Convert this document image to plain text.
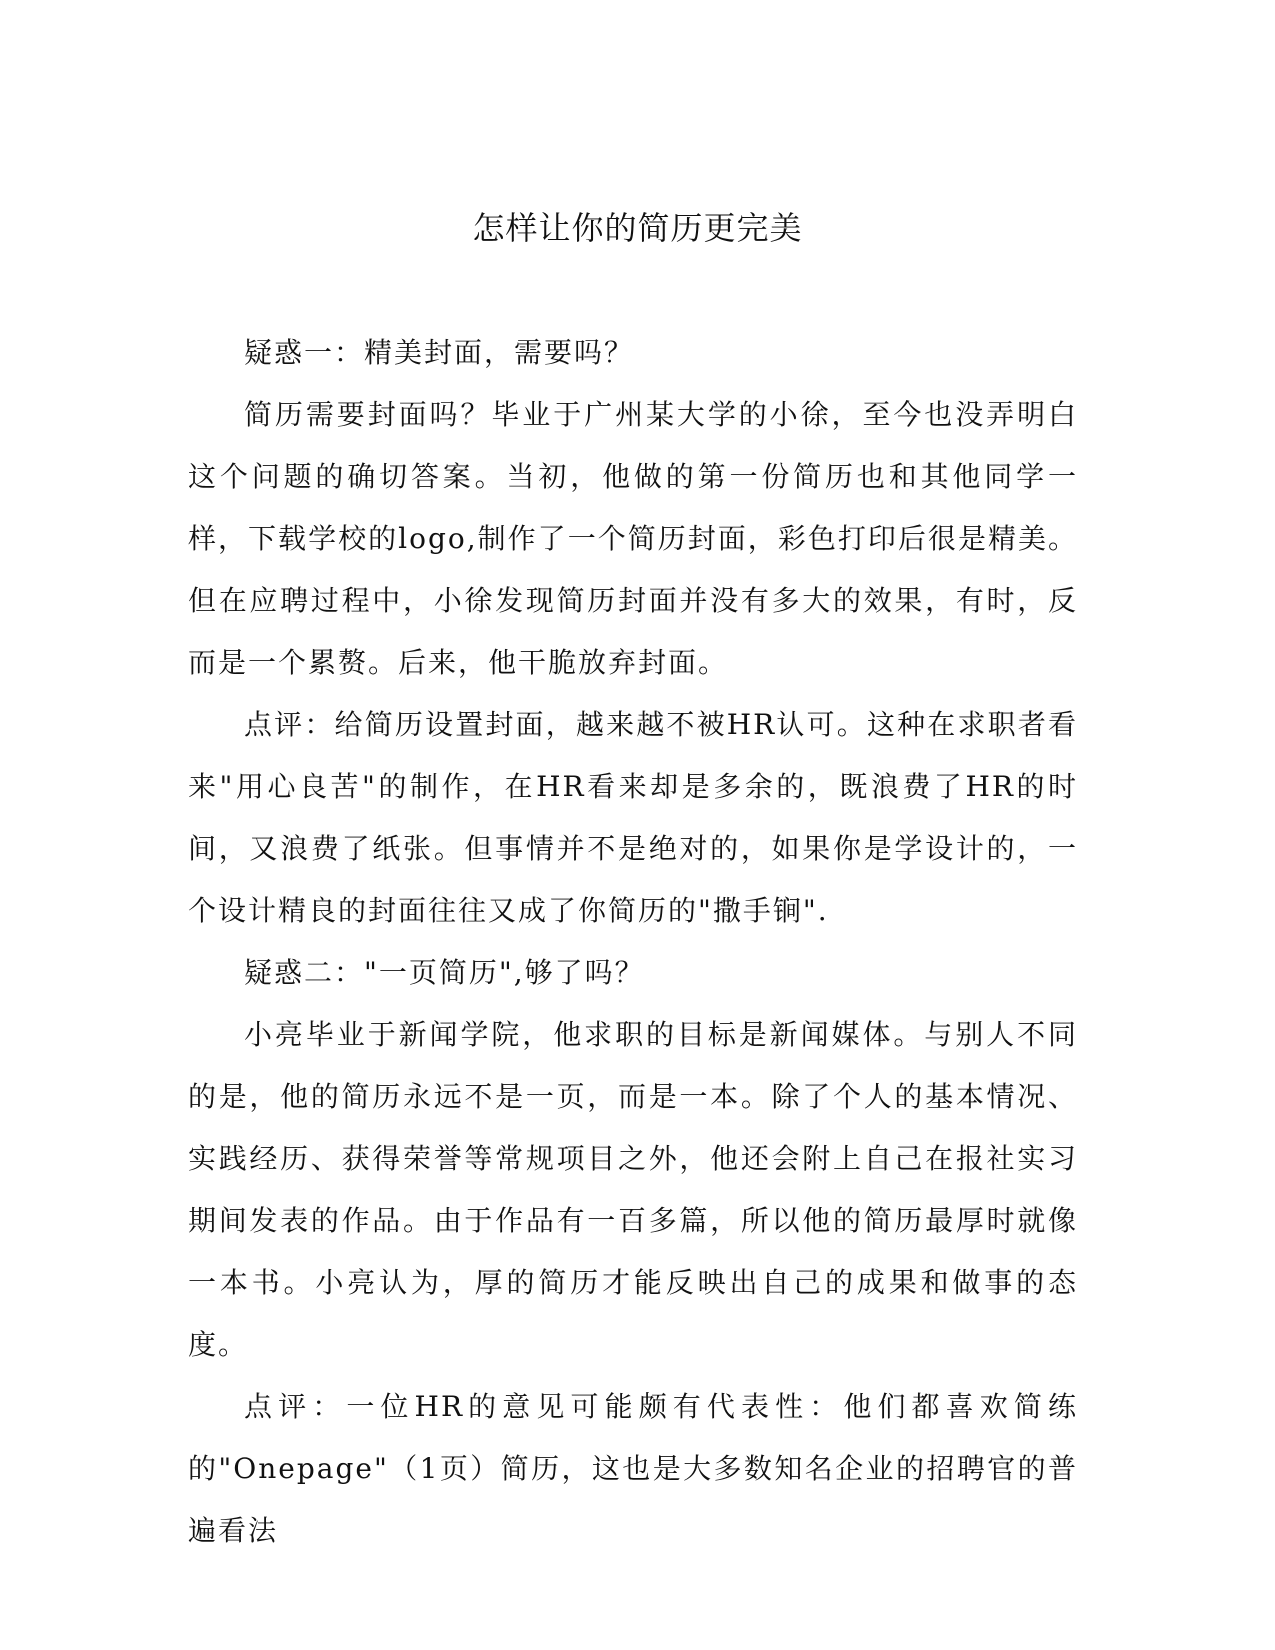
怎样让你的简历更完美

疑惑一：精美封面，需要吗？

简历需要封面吗？毕业于广州某大学的小徐，至今也没弄明白这个问题的确切答案。当初，他做的第一份简历也和其他同学一样，下载学校的logo,制作了一个简历封面，彩色打印后很是精美。但在应聘过程中，小徐发现简历封面并没有多大的效果，有时，反而是一个累赘。后来，他干脆放弃封面。

点评：给简历设置封面，越来越不被HR认可。这种在求职者看来"用心良苦"的制作，在HR看来却是多余的，既浪费了HR的时间，又浪费了纸张。但事情并不是绝对的，如果你是学设计的，一个设计精良的封面往往又成了你简历的"撒手锏".

疑惑二："一页简历",够了吗？

小亮毕业于新闻学院，他求职的目标是新闻媒体。与别人不同的是，他的简历永远不是一页，而是一本。除了个人的基本情况、实践经历、获得荣誉等常规项目之外，他还会附上自己在报社实习期间发表的作品。由于作品有一百多篇，所以他的简历最厚时就像一本书。小亮认为，厚的简历才能反映出自己的成果和做事的态度。

点评：一位HR的意见可能颇有代表性：他们都喜欢简练的"Onepage"（1页）简历，这也是大多数知名企业的招聘官的普遍看法
